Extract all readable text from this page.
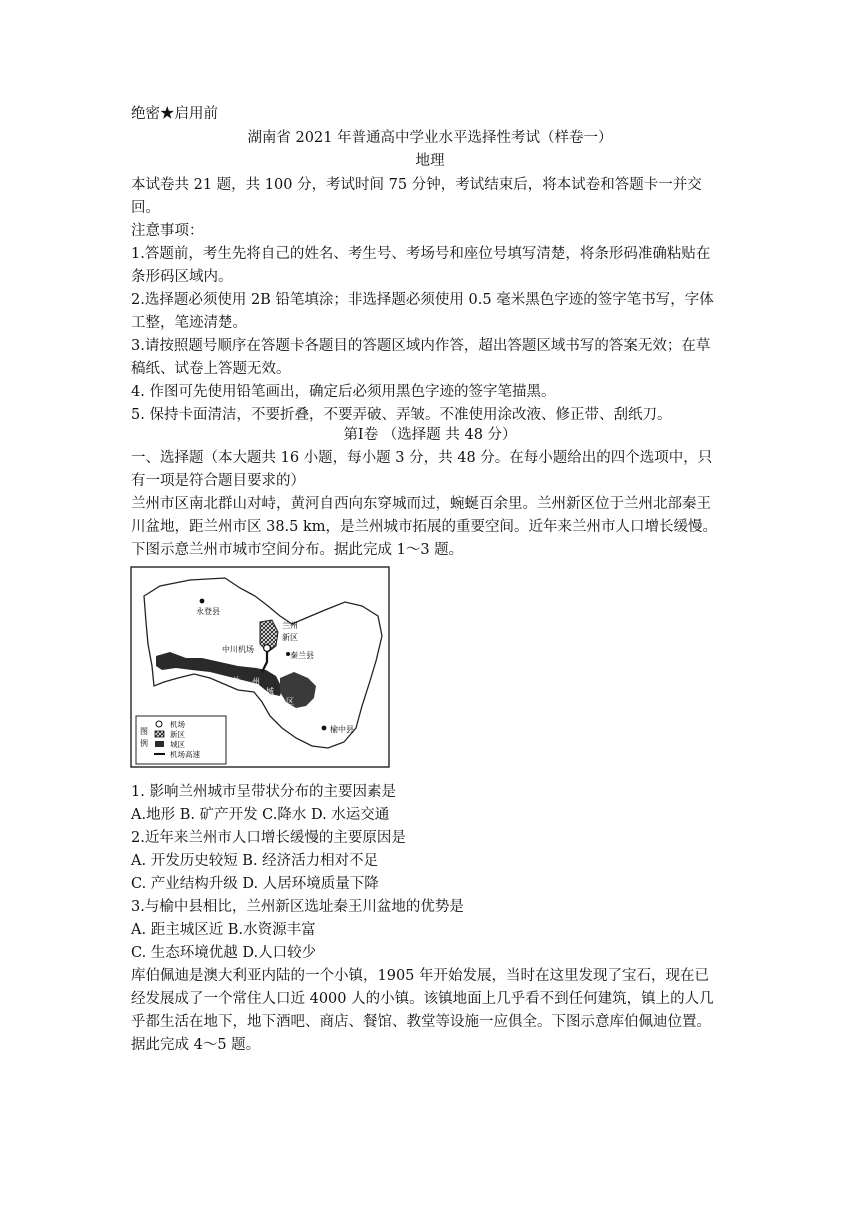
绝密★启用前
湖南省 2021 年普通高中学业水平选择性考试（样卷一）
地理
本试卷共 21 题，共 100 分，考试时间 75 分钟，考试结束后，将本试卷和答题卡一并交
回。
注意事项：
1.答题前，考生先将自己的姓名、考生号、考场号和座位号填写清楚，将条形码准确粘贴在
条形码区域内。
2.选择题必须使用 2B 铅笔填涂；非选择题必须使用 0.5 毫米黑色字迹的签字笔书写，字体
工整，笔迹清楚。
3.请按照题号顺序在答题卡各题目的答题区域内作答，超出答题区域书写的答案无效；在草
稿纸、试卷上答题无效。
4. 作图可先使用铅笔画出，确定后必须用黑色字迹的签字笔描黑。
5. 保持卡面清洁，不要折叠，不要弄破、弄皱。不准使用涂改液、修正带、刮纸刀。
第Ⅰ卷 （选择题 共 48 分）
一、选择题（本大题共 16 小题，每小题 3 分，共 48 分。在每小题给出的四个选项中，只
有一项是符合题目要求的）
兰州市区南北群山对峙，黄河自西向东穿城而过，蜿蜒百余里。兰州新区位于兰州北部秦王
川盆地，距兰州市区 38.5 km，是兰州城市拓展的重要空间。近年来兰州市人口增长缓慢。
下图示意兰州市城市空间分布。据此完成 1～3 题。
永登县
兰州
新区
中川机场
秦兰县
兰 州
城
区
榆中县
图
例
机场
新区
城区
机场高速
1. 影响兰州城市呈带状分布的主要因素是
A.地形 B. 矿产开发 C.降水 D. 水运交通
2.近年来兰州市人口增长缓慢的主要原因是
A. 开发历史较短 B. 经济活力相对不足
C. 产业结构升级 D. 人居环境质量下降
3.与榆中县相比，兰州新区选址秦王川盆地的优势是
A. 距主城区近 B.水资源丰富
C. 生态环境优越 D.人口较少
库伯佩迪是澳大利亚内陆的一个小镇，1905 年开始发展，当时在这里发现了宝石，现在已
经发展成了一个常住人口近 4000 人的小镇。该镇地面上几乎看不到任何建筑，镇上的人几
乎都生活在地下，地下酒吧、商店、餐馆、教堂等设施一应俱全。下图示意库伯佩迪位置。
据此完成 4～5 题。
